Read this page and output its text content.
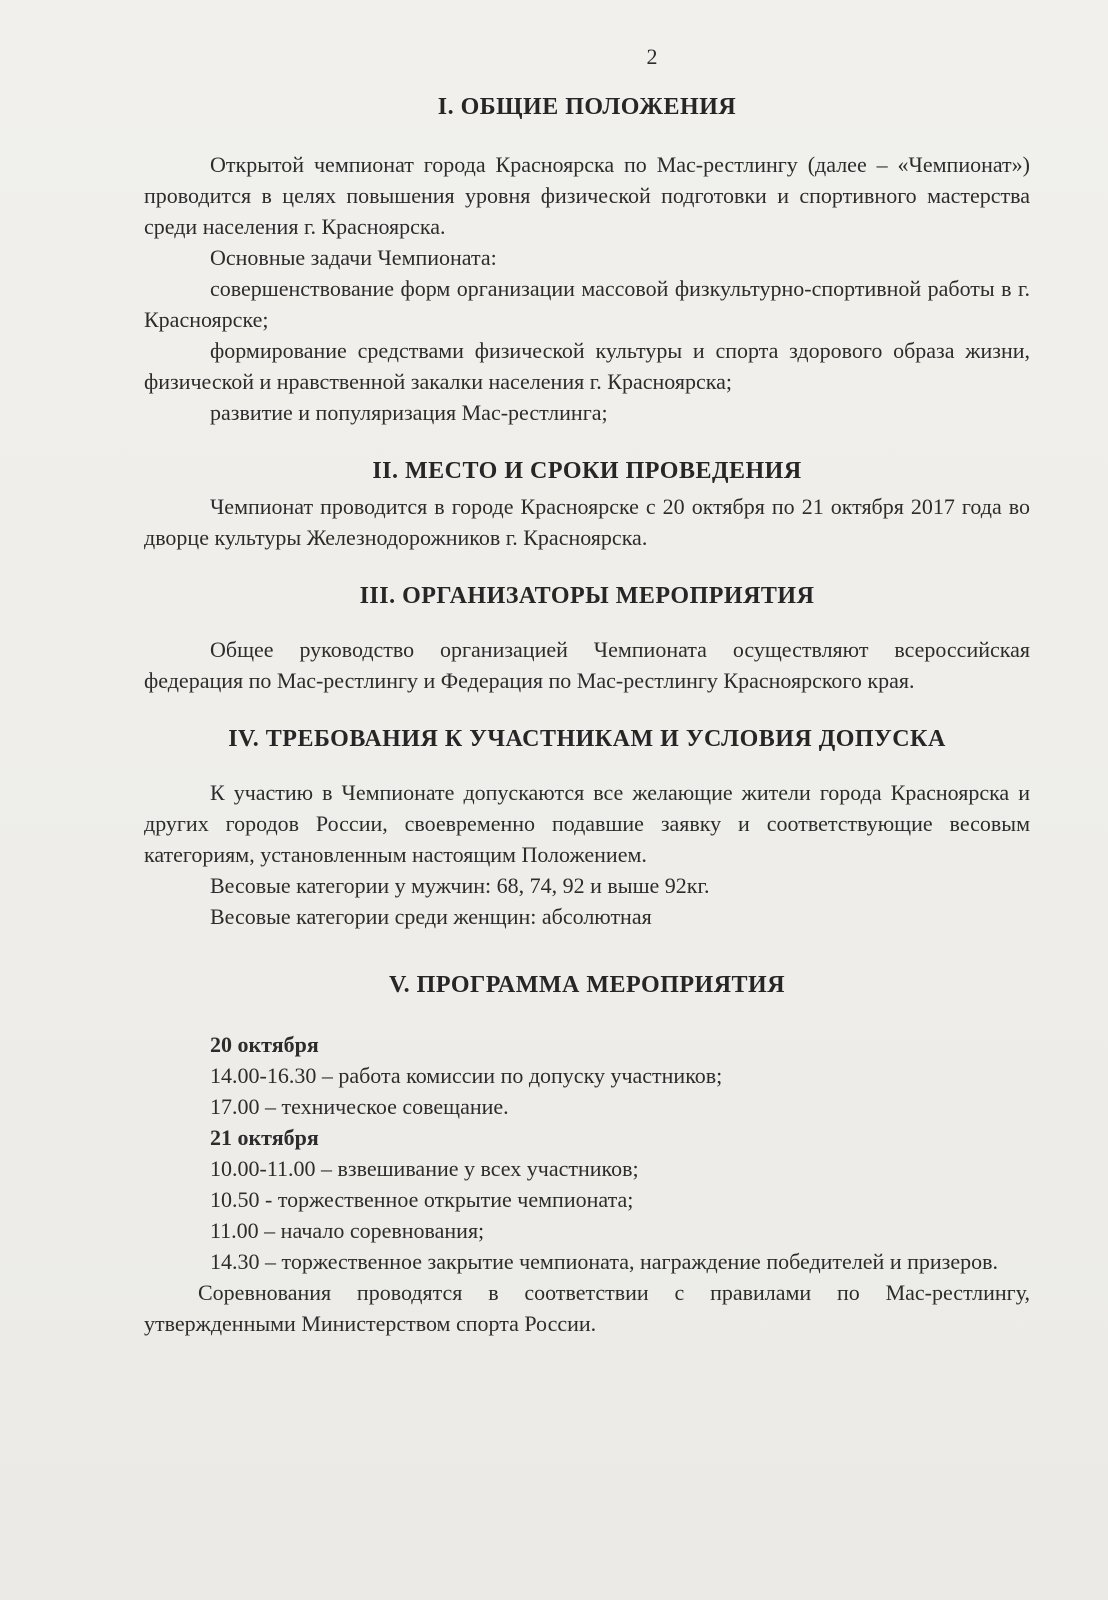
2
I. ОБЩИЕ ПОЛОЖЕНИЯ

Открытой чемпионат города Красноярска по Мас-рестлингу (далее – «Чемпионат») проводится в целях повышения уровня физической подготовки и спортивного мастерства среди населения г. Красноярска.

Основные задачи Чемпионата:

совершенствование форм организации массовой физкультурно-спортивной работы в г. Красноярске;

формирование средствами физической культуры и спорта здорового образа жизни, физической и нравственной закалки населения г. Красноярска;

развитие и популяризация Мас-рестлинга;

II. МЕСТО И СРОКИ ПРОВЕДЕНИЯ

Чемпионат проводится в городе Красноярске с 20 октября по 21 октября 2017 года во дворце культуры Железнодорожников г. Красноярска.

III. ОРГАНИЗАТОРЫ МЕРОПРИЯТИЯ

Общее руководство организацией Чемпионата осуществляют всероссийская федерация по Мас-рестлингу и Федерация по Мас-рестлингу Красноярского края.

IV. ТРЕБОВАНИЯ К УЧАСТНИКАМ И УСЛОВИЯ ДОПУСКА

К участию в Чемпионате допускаются все желающие жители города Красноярска и других городов России, своевременно подавшие заявку и соответствующие весовым категориям, установленным настоящим Положением.

Весовые категории у мужчин: 68, 74, 92 и выше 92кг.

Весовые категории среди женщин: абсолютная

V. ПРОГРАММА МЕРОПРИЯТИЯ

20 октября

14.00-16.30 – работа комиссии по допуску участников;

17.00 – техническое совещание.

21 октября

10.00-11.00 – взвешивание у всех участников;

10.50 - торжественное открытие чемпионата;

11.00 – начало соревнования;

14.30 – торжественное закрытие чемпионата, награждение победителей и призеров.

Соревнования проводятся в соответствии с правилами по Мас-рестлингу, утвержденными Министерством спорта России.
